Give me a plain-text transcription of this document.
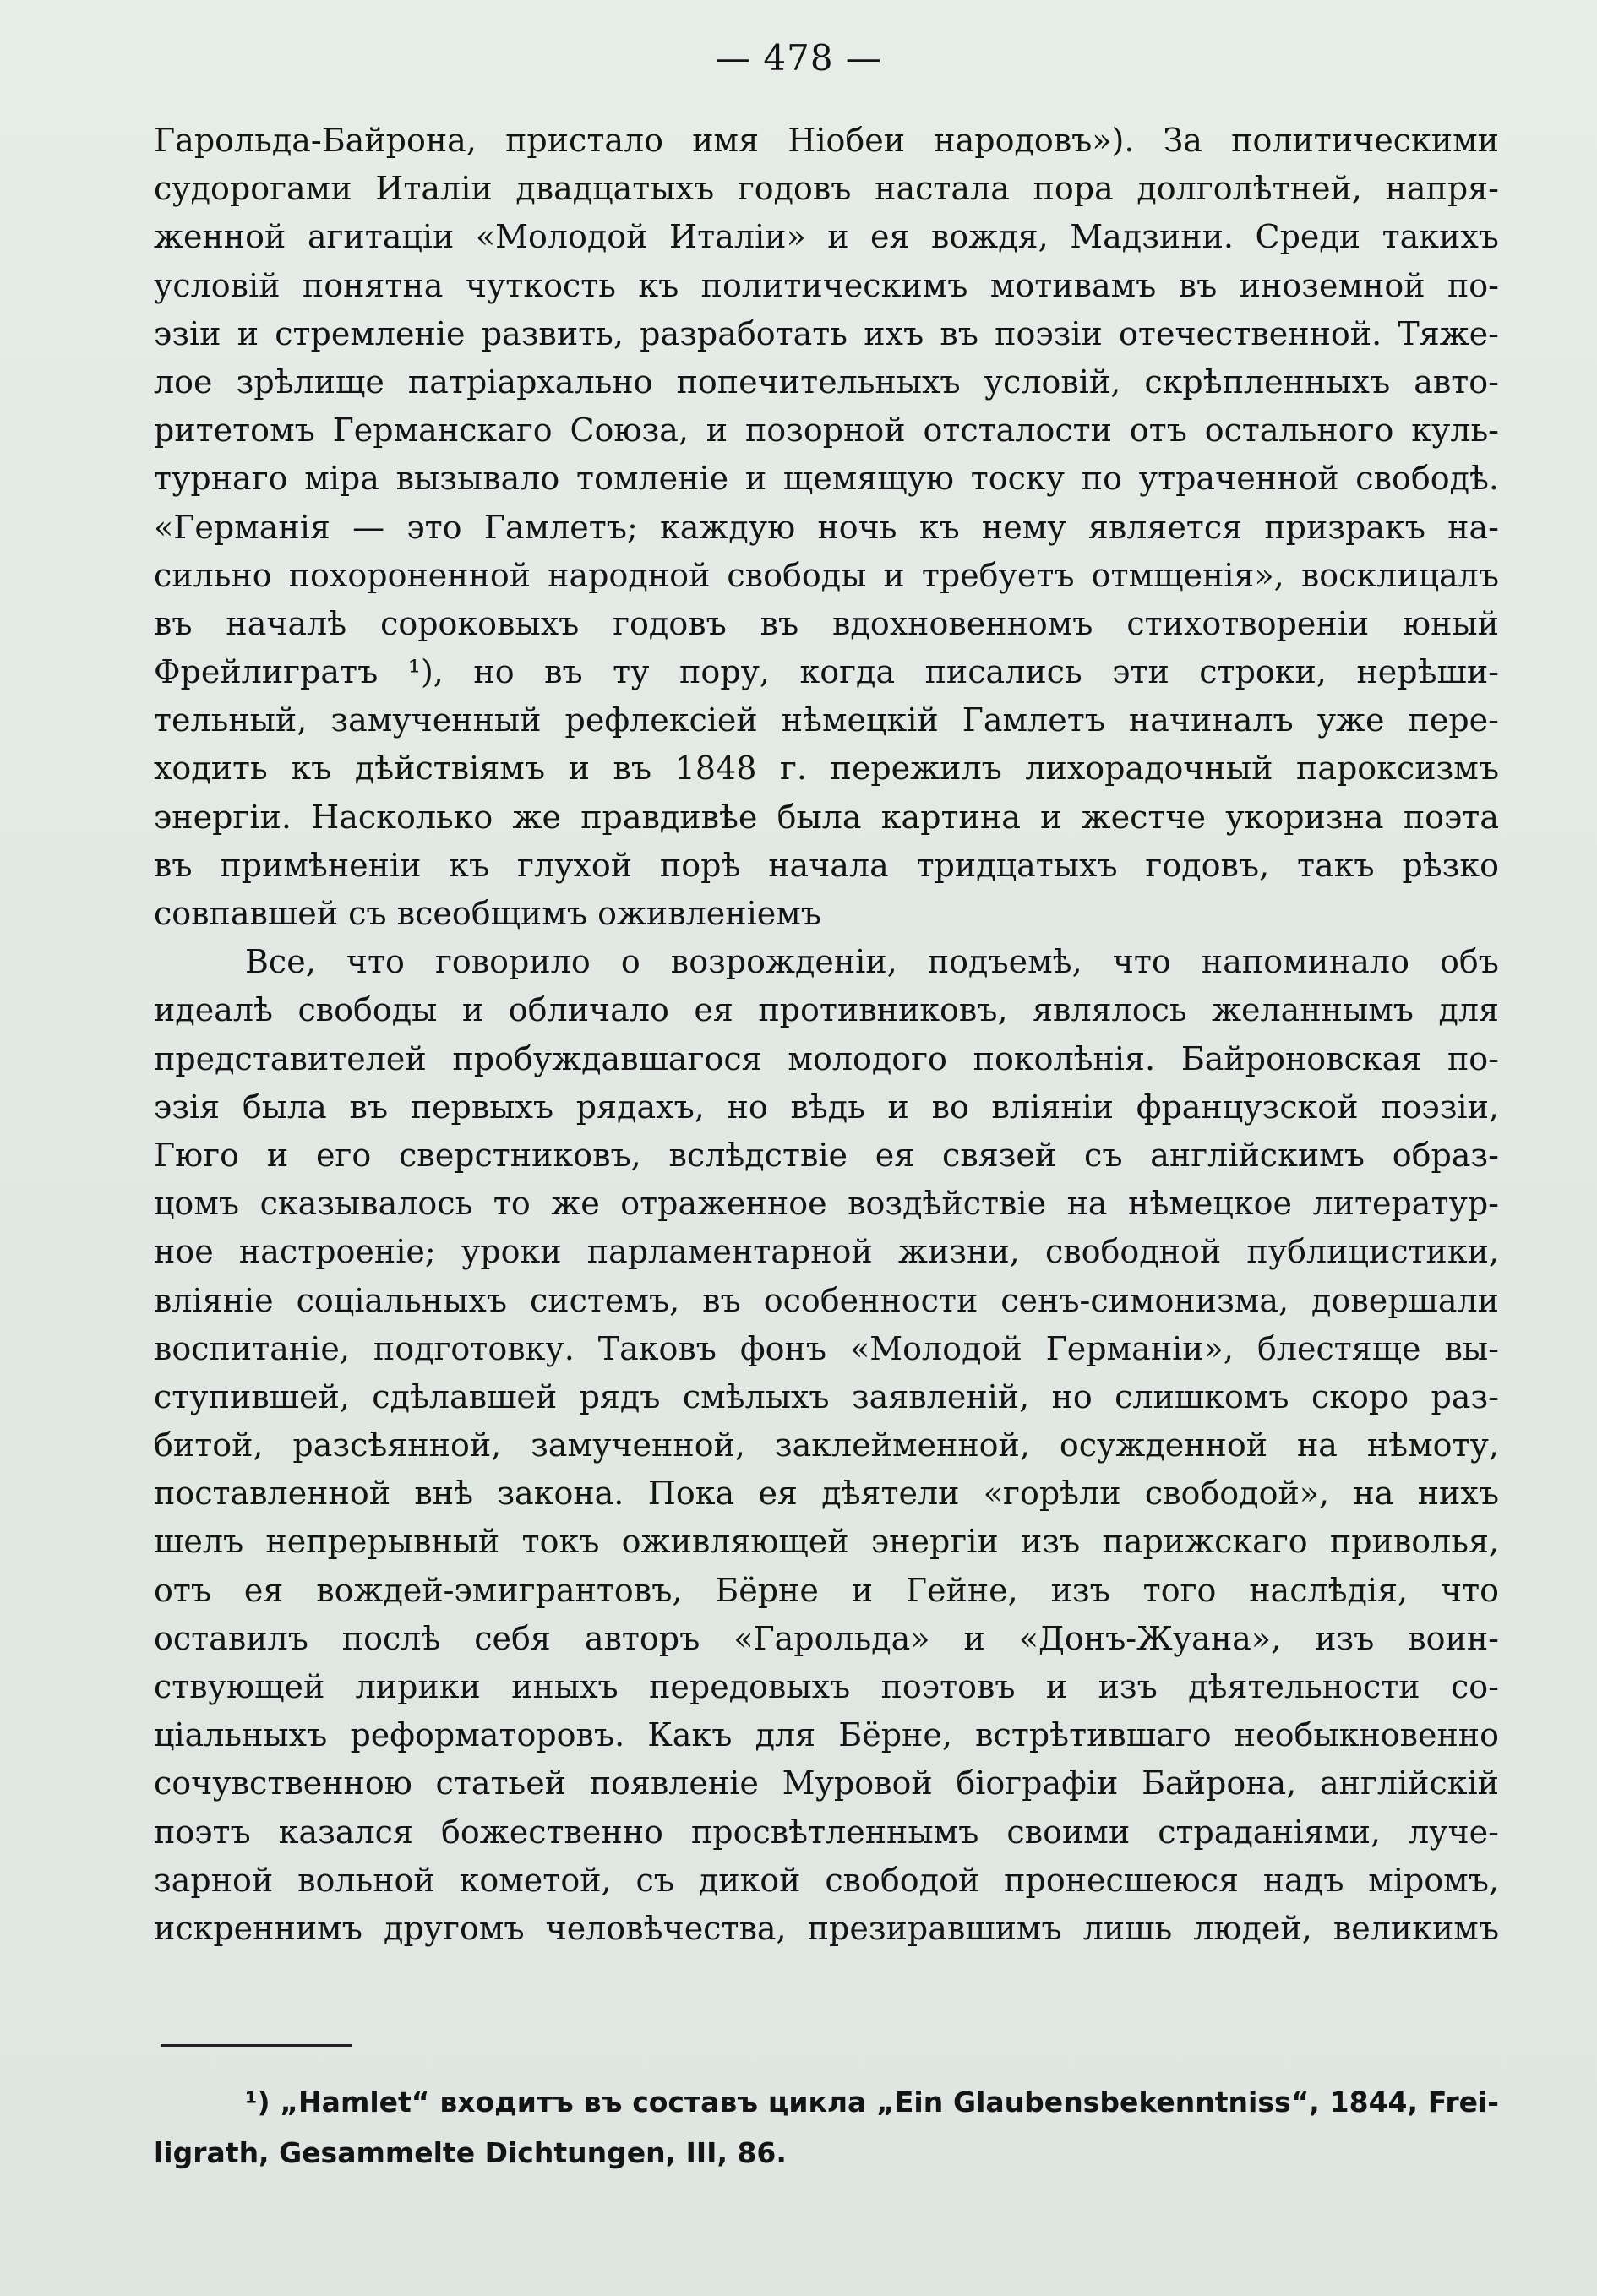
— 478 —
Гарольда-Байрона, пристало имя Ніобеи народовъ»). За политическими
судорогами Италіи двадцатыхъ годовъ настала пора долголѣтней, напря-
женной агитаціи «Молодой Италіи» и ея вождя, Мадзини. Среди такихъ
условій понятна чуткость къ политическимъ мотивамъ въ иноземной по-
эзіи и стремленіе развить, разработать ихъ въ поэзіи отечественной. Тяже-
лое зрѣлище патріархально попечительныхъ условій, скрѣпленныхъ авто-
ритетомъ Германскаго Союза, и позорной отсталости отъ остального куль-
турнаго міра вызывало томленіе и щемящую тоску по утраченной свободѣ.
«Германія — это Гамлетъ; каждую ночь къ нему является призракъ на-
сильно похороненной народной свободы и требуетъ отмщенія», восклицалъ
въ началѣ сороковыхъ годовъ въ вдохновенномъ стихотвореніи юный
Фрейлигратъ ¹), но въ ту пору, когда писались эти строки, нерѣши-
тельный, замученный рефлексіей нѣмецкій Гамлетъ начиналъ уже пере-
ходить къ дѣйствіямъ и въ 1848 г. пережилъ лихорадочный пароксизмъ
энергіи. Насколько же правдивѣе была картина и жестче укоризна поэта
въ примѣненіи къ глухой порѣ начала тридцатыхъ годовъ, такъ рѣзко
совпавшей съ всеобщимъ оживленіемъ
Все, что говорило о возрожденіи, подъемѣ, что напоминало объ
идеалѣ свободы и обличало ея противниковъ, являлось желаннымъ для
представителей пробуждавшагося молодого поколѣнія. Байроновская по-
эзія была въ первыхъ рядахъ, но вѣдь и во вліяніи французской поэзіи,
Гюго и его сверстниковъ, вслѣдствіе ея связей съ англійскимъ образ-
цомъ сказывалось то же отраженное воздѣйствіе на нѣмецкое литератур-
ное настроеніе; уроки парламентарной жизни, свободной публицистики,
вліяніе соціальныхъ системъ, въ особенности сенъ-симонизма, довершали
воспитаніе, подготовку. Таковъ фонъ «Молодой Германіи», блестяще вы-
ступившей, сдѣлавшей рядъ смѣлыхъ заявленій, но слишкомъ скоро раз-
битой, разсѣянной, замученной, заклейменной, осужденной на нѣмоту,
поставленной внѣ закона. Пока ея дѣятели «горѣли свободой», на нихъ
шелъ непрерывный токъ оживляющей энергіи изъ парижскаго приволья,
отъ ея вождей-эмигрантовъ, Бёрне и Гейне, изъ того наслѣдія, что
оставилъ послѣ себя авторъ «Гарольда» и «Донъ-Жуана», изъ воин-
ствующей лирики иныхъ передовыхъ поэтовъ и изъ дѣятельности со-
ціальныхъ реформаторовъ. Какъ для Бёрне, встрѣтившаго необыкновенно
сочувственною статьей появленіе Муровой біографіи Байрона, англійскій
поэтъ казался божественно просвѣтленнымъ своими страданіями, луче-
зарной вольной кометой, съ дикой свободой пронесшеюся надъ міромъ,
искреннимъ другомъ человѣчества, презиравшимъ лишь людей, великимъ
¹) „Hamlet“ входитъ въ составъ цикла „Ein Glaubensbekenntniss“, 1844, Frei-
ligrath, Gesammelte Dichtungen, III, 86.
